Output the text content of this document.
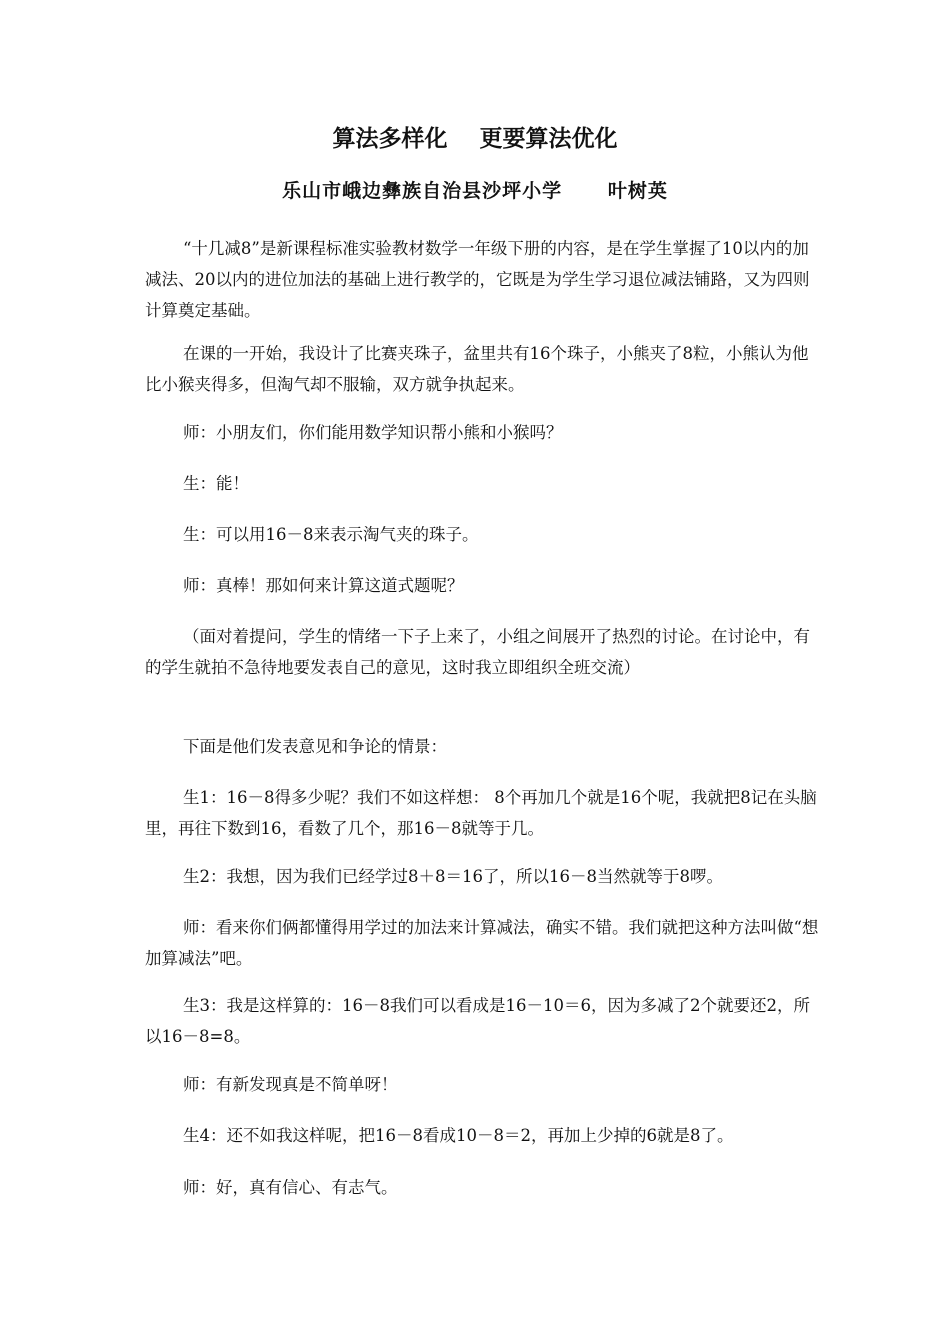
算法多样化    更要算法优化
乐山市峨边彝族自治县沙坪小学      叶树英

“十几减8”是新课程标准实验教材数学一年级下册的内容，是在学生掌握了10以内的加减法、20以内的进位加法的基础上进行教学的，它既是为学生学习退位减法铺路，又为四则计算奠定基础。

在课的一开始，我设计了比赛夹珠子，盆里共有16个珠子，小熊夹了8粒，小熊认为他比小猴夹得多，但淘气却不服输，双方就争执起来。

师：小朋友们，你们能用数学知识帮小熊和小猴吗？

生：能！

生：可以用16－8来表示淘气夹的珠子。

师：真棒！那如何来计算这道式题呢？

（面对着提问，学生的情绪一下子上来了，小组之间展开了热烈的讨论。在讨论中，有的学生就拍不急待地要发表自己的意见，这时我立即组织全班交流）

下面是他们发表意见和争论的情景：

生1：16－8得多少呢？我们不如这样想： 8个再加几个就是16个呢，我就把8记在头脑里，再往下数到16，看数了几个，那16－8就等于几。

生2：我想，因为我们已经学过8＋8＝16了，所以16－8当然就等于8啰。

师：看来你们俩都懂得用学过的加法来计算减法，确实不错。我们就把这种方法叫做“想加算减法”吧。

生3：我是这样算的：16－8我们可以看成是16－10＝6，因为多减了2个就要还2，所以16－8=8。

师：有新发现真是不简单呀！

生4：还不如我这样呢，把16－8看成10－8＝2，再加上少掉的6就是8了。

师：好，真有信心、有志气。
